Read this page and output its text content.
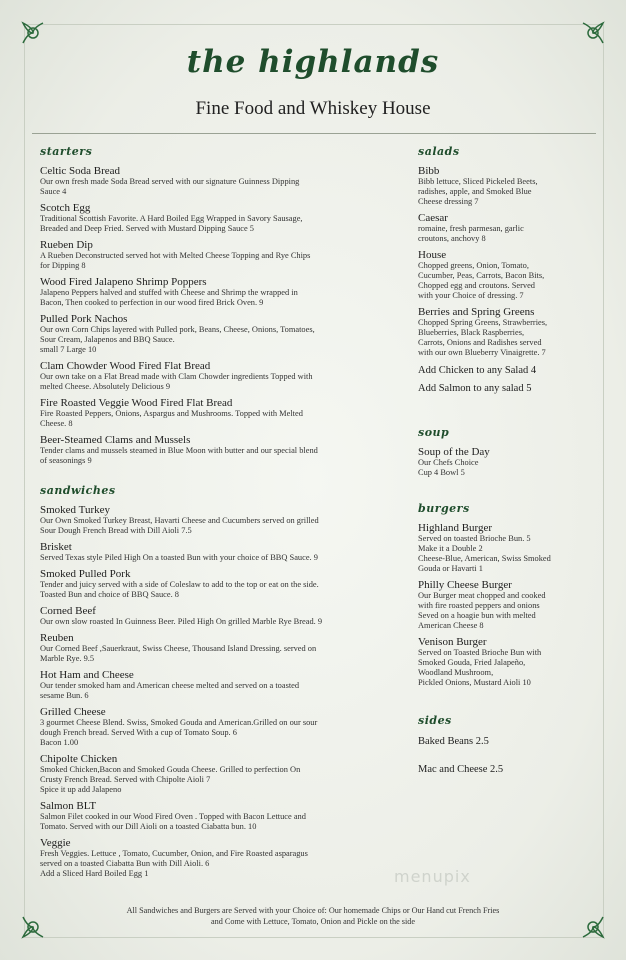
the highlands
Fine Food and Whiskey House
starters
Celtic Soda Bread
Our own fresh made Soda Bread served with our signature Guinness Dipping
Sauce 4
Scotch Egg
Traditional Scottish Favorite. A Hard Boiled Egg Wrapped in Savory Sausage,
Breaded and Deep Fried. Served with Mustard Dipping Sauce 5
Rueben Dip
A Rueben Deconstructed served hot with Melted Cheese Topping and Rye Chips
for Dipping 8
Wood Fired Jalapeno Shrimp Poppers
Jalapeno Peppers halved and stuffed with Cheese and Shrimp the wrapped in
Bacon, Then cooked to perfection in our wood fired Brick Oven. 9
Pulled Pork Nachos
Our own Corn Chips layered with Pulled pork, Beans, Cheese, Onions, Tomatoes,
Sour Cream, Jalapenos and BBQ Sauce.
small 7 Large 10
Clam Chowder Wood Fired Flat Bread
Our own take on a Flat Bread made with Clam Chowder ingredients Topped with
melted Cheese. Absolutely Delicious 9
Fire Roasted Veggie Wood Fired Flat Bread
Fire Roasted Peppers, Onions, Aspargus and Mushrooms. Topped with Melted
Cheese. 8
Beer-Steamed Clams and Mussels
Tender clams and mussels steamed in Blue Moon with butter and our special blend
of seasonings 9
sandwiches
Smoked Turkey
Our Own Smoked Turkey Breast, Havarti Cheese and Cucumbers served on grilled
Sour Dough French Bread with Dill Aioli 7.5
Brisket
Served Texas style Piled High On a toasted Bun with your choice of BBQ Sauce. 9
Smoked Pulled Pork
Tender and juicy served with a side of Coleslaw to add to the top or eat on the side.
Toasted Bun and choice of BBQ Sauce. 8
Corned Beef
Our own slow roasted In Guinness Beer. Piled High On grilled Marble Rye Bread. 9
Reuben
Our Corned Beef ,Sauerkraut, Swiss Cheese, Thousand Island Dressing. served on
Marble Rye. 9.5
Hot Ham and Cheese
Our tender smoked ham and American cheese melted and served on a toasted
sesame Bun. 6
Grilled Cheese
3 gourmet Cheese Blend. Swiss, Smoked Gouda and American.Grilled on our sour
dough French bread. Served With a cup of Tomato Soup. 6
Bacon 1.00
Chipolte Chicken
Smoked Chicken,Bacon and Smoked Gouda Cheese. Grilled to perfection On
Crusty French Bread. Served with Chipolte Aioli 7
Spice it up add Jalapeno
Salmon BLT
Salmon Filet cooked in our Wood Fired Oven . Topped with Bacon Lettuce and
Tomato. Served with our Dill Aioli on a toasted Ciabatta bun. 10
Veggie
Fresh Veggies. Lettuce , Tomato, Cucumber, Onion, and Fire Roasted asparagus
served on a toasted Ciabatta Bun with Dill Aioli. 6
Add a Sliced Hard Boiled Egg 1
salads
Bibb
Bibb lettuce, Sliced Pickeled Beets,
radishes, apple, and Smoked Blue
Cheese dressing 7
Caesar
romaine, fresh parmesan, garlic
croutons, anchovy 8
House
Chopped greens, Onion, Tomato,
Cucumber, Peas, Carrots, Bacon Bits,
Chopped egg and croutons. Served
with your Choice of dressing. 7
Berries and Spring Greens
Chopped Spring Greens, Strawberries,
Blueberries, Black Raspberries,
Carrots, Onions and Radishes served
with our own Blueberry Vinaigrette. 7
Add Chicken to any Salad 4
Add Salmon to any salad 5
soup
Soup of the Day
Our Chefs Choice
Cup 4 Bowl 5
burgers
Highland Burger
Served on toasted Brioche Bun. 5
Make it a Double 2
Cheese-Blue, American, Swiss Smoked
Gouda or Havarti 1
Philly Cheese Burger
Our Burger meat chopped and cooked
with fire roasted peppers and onions
Seved on a hoagie bun with melted
American Cheese 8
Venison Burger
Served on Toasted Brioche Bun with
Smoked Gouda, Fried Jalapeño,
Woodland Mushroom,
Pickled Onions, Mustard Aioli 10
sides
Baked Beans 2.5
Mac and Cheese 2.5
menupix
All Sandwiches and Burgers are Served with your Choice of: Our homemade Chips or Our Hand cut French Fries
and Come with Lettuce, Tomato, Onion and Pickle on the side
